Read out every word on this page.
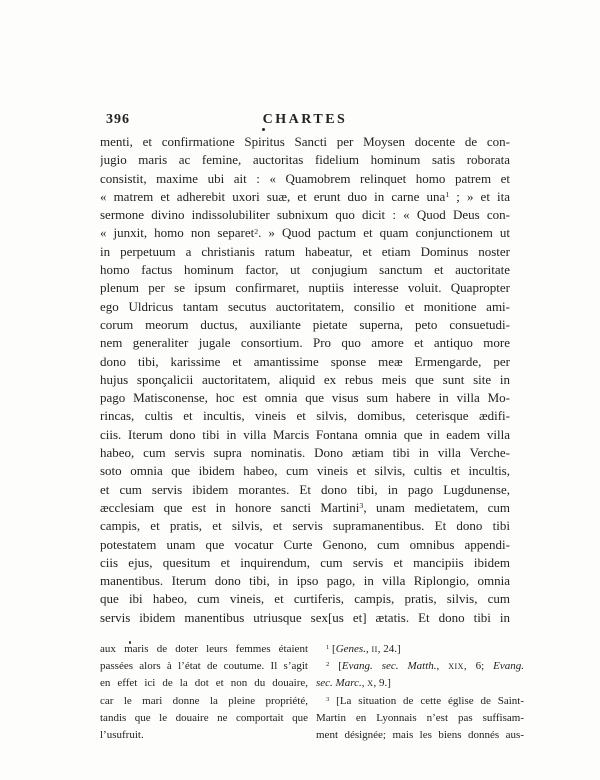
396	CHARTES
menti, et confirmatione Spiritus Sancti per Moysen docente de con-
jugio maris ac femine, auctoritas fidelium hominum satis roborata
consistit, maxime ubi ait : « Quamobrem relinquet homo patrem et
« matrem et adherebit uxori suæ, et erunt duo in carne una$^1$ ; » et ita
sermone divino indissolubiliter subnixum quo dicit : « Quod Deus con-
« junxit, homo non separet$^2$. » Quod pactum et quam conjunctionem ut
in perpetuum a christianis ratum habeatur, et etiam Dominus noster
homo factus hominum factor, ut conjugium sanctum et auctoritate
plenum per se ipsum confirmaret, nuptiis interesse voluit. Quapropter
ego Uldricus tantam secutus auctoritatem, consilio et monitione ami-
corum meorum ductus, auxiliante pietate superna, peto consuetudi-
nem generaliter jugale consortium. Pro quo amore et antiquo more
dono tibi, karissime et amantissime sponse meæ Ermengarde, per
hujus sponçalicii auctoritatem, aliquid ex rebus meis que sunt site in
pago Matisconense, hoc est omnia que visus sum habere in villa Mo-
rincas, cultis et incultis, vineis et silvis, domibus, ceterisque ædifi-
ciis. Iterum dono tibi in villa Marcis Fontana omnia que in eadem villa
habeo, cum servis supra nominatis. Dono ætiam tibi in villa Verche-
soto omnia que ibidem habeo, cum vineis et silvis, cultis et incultis,
et cum servis ibidem morantes. Et dono tibi, in pago Lugdunense,
æcclesiam que est in honore sancti Martini$^3$, unam medietatem, cum
campis, et pratis, et silvis, et servis supramanentibus. Et dono tibi
potestatem unam que vocatur Curte Genono, cum omnibus appendi-
ciis ejus, quesitum et inquirendum, cum servis et mancipiis ibidem
manentibus. Iterum dono tibi, in ipso pago, in villa Riplongio, omnia
que ibi habeo, cum vineis, et curtiferis, campis, pratis, silvis, cum
servis ibidem manentibus utriusque sex[us et] ætatis. Et dono tibi in
aux maris de doter leurs femmes étaient
passées alors à l’état de coutume. Il s’agit
en effet ici de la dot et non du douaire,
car le mari donne la pleine propriété,
tandis que le douaire ne comportait que
l’usufruit.
$^1$ [Genes., ii, 24.]
$^2$ [Evang. sec. Matth., xix, 6; Evang.
sec. Marc., x, 9.]
$^3$ [La situation de cette église de Saint-
Martin en Lyonnais n’est pas suffisam-
ment désignée; mais les biens donnés aus-
